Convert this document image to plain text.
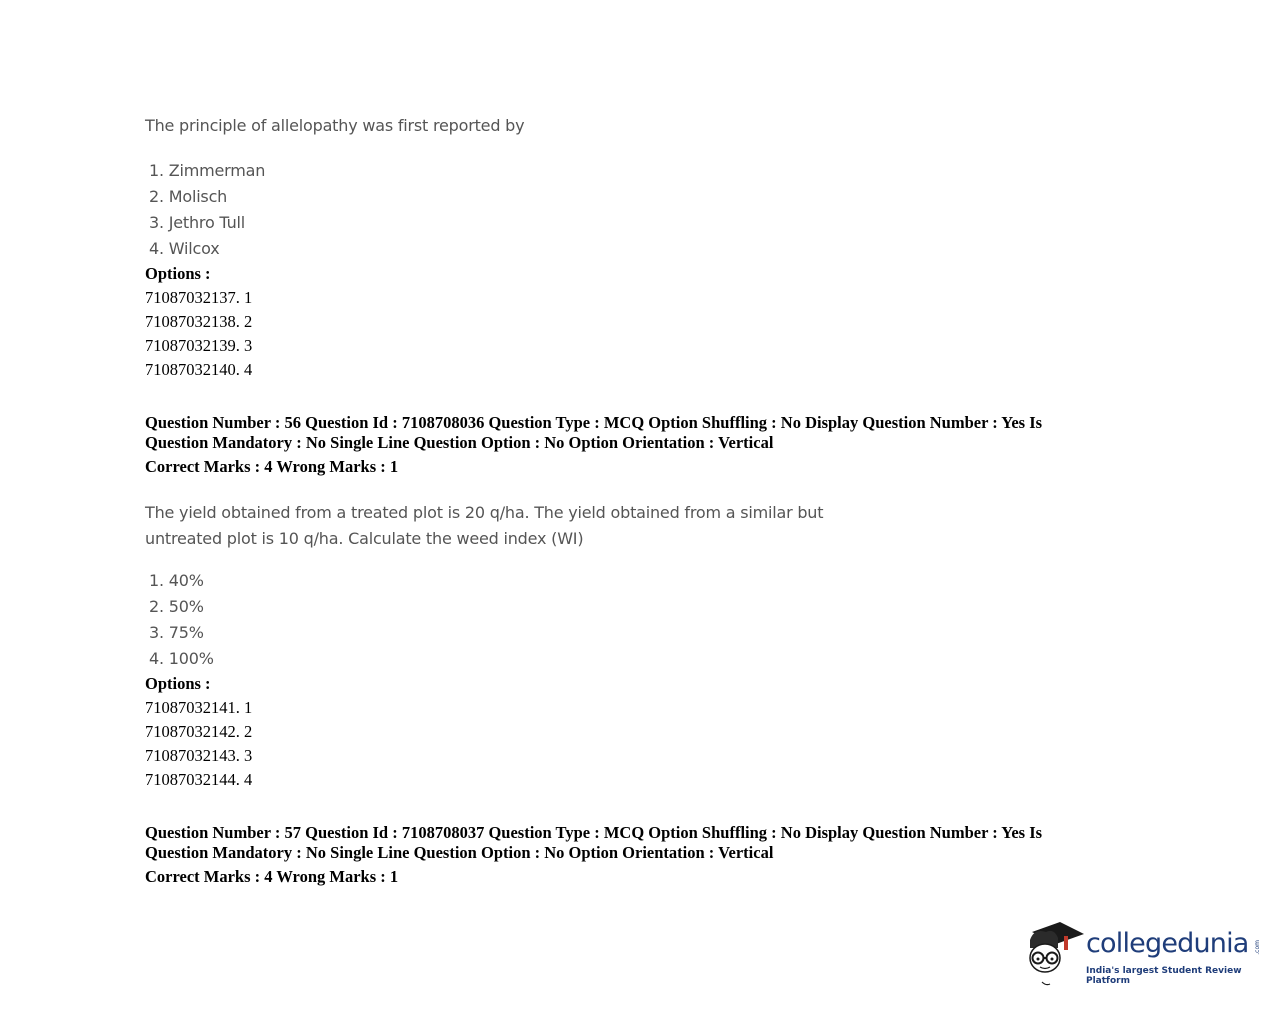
The principle of allelopathy was first reported by
1. Zimmerman
2. Molisch
3. Jethro Tull
4. Wilcox
Options :
71087032137. 1
71087032138. 2
71087032139. 3
71087032140. 4
Question Number : 56 Question Id : 7108708036 Question Type : MCQ Option Shuffling : No Display Question Number : Yes Is
Question Mandatory : No Single Line Question Option : No Option Orientation : Vertical
Correct Marks : 4 Wrong Marks : 1
The yield obtained from a treated plot is 20 q/ha. The yield obtained from a similar but
untreated plot is 10 q/ha. Calculate the weed index (WI)
1. 40%
2. 50%
3. 75%
4. 100%
Options :
71087032141. 1
71087032142. 2
71087032143. 3
71087032144. 4
Question Number : 57 Question Id : 7108708037 Question Type : MCQ Option Shuffling : No Display Question Number : Yes Is
Question Mandatory : No Single Line Question Option : No Option Orientation : Vertical
Correct Marks : 4 Wrong Marks : 1
collegedunia .com
India's largest Student Review Platform
